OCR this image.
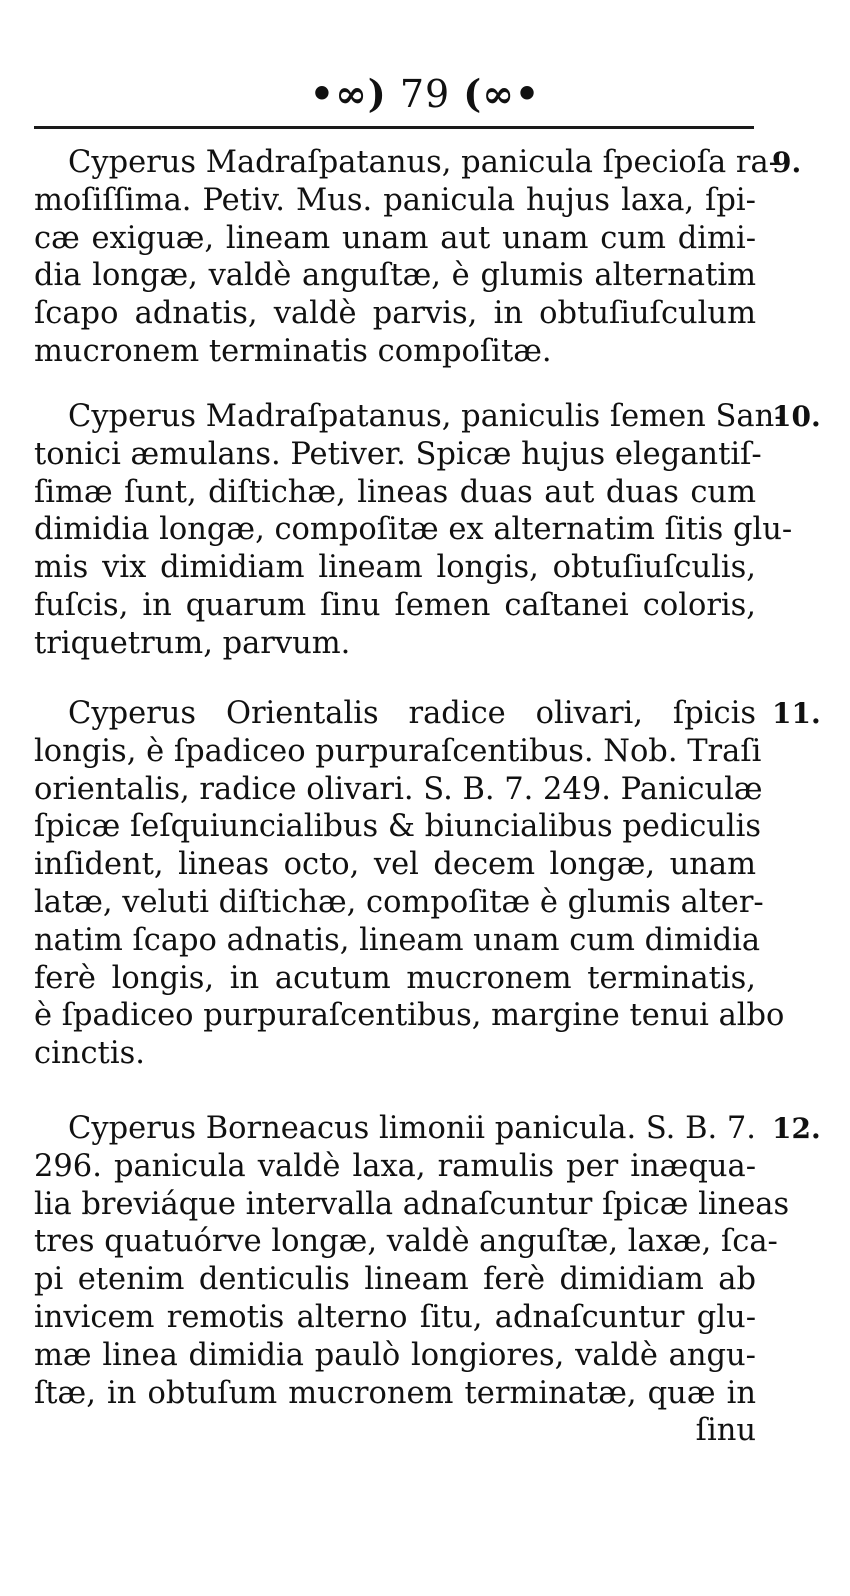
•∞) 79 (∞•
Cyperus Madraſpatanus, panicula ſpecioſa ra-
moſiſſima. Petiv. Mus. panicula hujus laxa, ſpi-
cæ exiguæ, lineam unam aut unam cum dimi-
dia longæ, valdè anguſtæ, è glumis alternatim
ſcapo adnatis, valdè parvis, in obtuſiuſculum
mucronem terminatis compoſitæ.
9.
Cyperus Madraſpatanus, paniculis ſemen San-
tonici æmulans. Petiver. Spicæ hujus elegantiſ-
ſimæ ſunt, diſtichæ, lineas duas aut duas cum
dimidia longæ, compoſitæ ex alternatim ſitis glu-
mis vix dimidiam lineam longis, obtuſiuſculis,
fuſcis, in quarum ſinu ſemen caſtanei coloris,
triquetrum, parvum.
10.
Cyperus Orientalis radice olivari, ſpicis
longis, è ſpadiceo purpuraſcentibus. Nob. Traſi
orientalis, radice olivari. S. B. 7. 249. Paniculæ
ſpicæ ſeſquiuncialibus & biuncialibus pediculis
inſident, lineas octo, vel decem longæ, unam
latæ, veluti diſtichæ, compoſitæ è glumis alter-
natim ſcapo adnatis, lineam unam cum dimidia
ferè longis, in acutum mucronem terminatis,
è ſpadiceo purpuraſcentibus, margine tenui albo
cinctis.
11.
Cyperus Borneacus limonii panicula. S. B. 7.
296. panicula valdè laxa, ramulis per inæqua-
lia breviáque intervalla adnaſcuntur ſpicæ lineas
tres quatuórve longæ, valdè anguſtæ, laxæ, ſca-
pi etenim denticulis lineam ferè dimidiam ab
invicem remotis alterno ſitu, adnaſcuntur glu-
mæ linea dimidia paulò longiores, valdè angu-
ſtæ, in obtuſum mucronem terminatæ, quæ in
ſinu
12.
